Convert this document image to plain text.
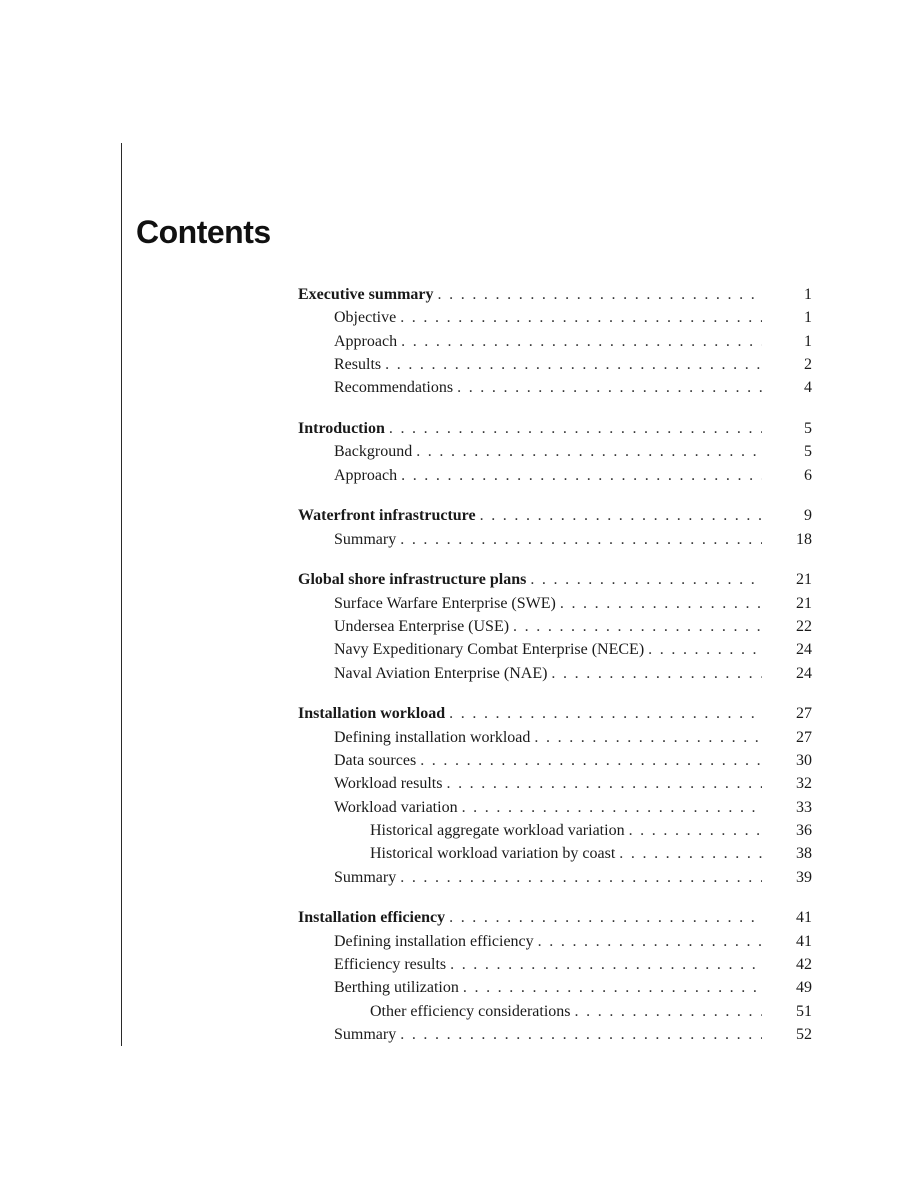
Contents
Executive summary . . .	1
Objective . . .	1
Approach . . .	1
Results . . .	2
Recommendations . . .	4
Introduction . . .	5
Background . . .	5
Approach . . .	6
Waterfront infrastructure . . .	9
Summary . . .	18
Global shore infrastructure plans . . .	21
Surface Warfare Enterprise (SWE) . . .	21
Undersea Enterprise (USE) . . .	22
Navy Expeditionary Combat Enterprise (NECE) . . .	24
Naval Aviation Enterprise (NAE) . . .	24
Installation workload . . .	27
Defining installation workload . . .	27
Data sources . . .	30
Workload results . . .	32
Workload variation . . .	33
Historical aggregate workload variation . . .	36
Historical workload variation by coast . . .	38
Summary . . .	39
Installation efficiency . . .	41
Defining installation efficiency . . .	41
Efficiency results . . .	42
Berthing utilization . . .	49
Other efficiency considerations . . .	51
Summary . . .	52
